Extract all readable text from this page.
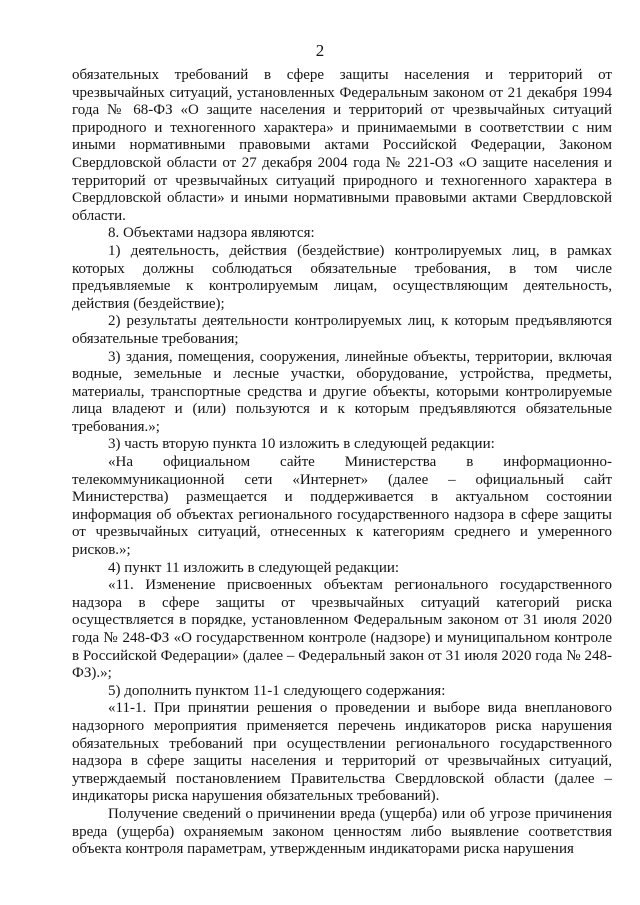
2

обязательных требований в сфере защиты населения и территорий от чрезвычайных ситуаций, установленных Федеральным законом от 21 декабря 1994 года № 68-ФЗ «О защите населения и территорий от чрезвычайных ситуаций природного и техногенного характера» и принимаемыми в соответствии с ним иными нормативными правовыми актами Российской Федерации, Законом Свердловской области от 27 декабря 2004 года № 221-ОЗ «О защите населения и территорий от чрезвычайных ситуаций природного и техногенного характера в Свердловской области» и иными нормативными правовыми актами Свердловской области.

8. Объектами надзора являются:

1) деятельность, действия (бездействие) контролируемых лиц, в рамках которых должны соблюдаться обязательные требования, в том числе предъявляемые к контролируемым лицам, осуществляющим деятельность, действия (бездействие);

2) результаты деятельности контролируемых лиц, к которым предъявляются обязательные требования;

3) здания, помещения, сооружения, линейные объекты, территории, включая водные, земельные и лесные участки, оборудование, устройства, предметы, материалы, транспортные средства и другие объекты, которыми контролируемые лица владеют и (или) пользуются и к которым предъявляются обязательные требования.»;

3) часть вторую пункта 10 изложить в следующей редакции:

«На официальном сайте Министерства в информационно-телекоммуникационной сети «Интернет» (далее – официальный сайт Министерства) размещается и поддерживается в актуальном состоянии информация об объектах регионального государственного надзора в сфере защиты от чрезвычайных ситуаций, отнесенных к категориям среднего и умеренного рисков.»;

4) пункт 11 изложить в следующей редакции:

«11. Изменение присвоенных объектам регионального государственного надзора в сфере защиты от чрезвычайных ситуаций категорий риска осуществляется в порядке, установленном Федеральным законом от 31 июля 2020 года № 248-ФЗ «О государственном контроле (надзоре) и муниципальном контроле в Российской Федерации» (далее – Федеральный закон от 31 июля 2020 года № 248-ФЗ).»;

5) дополнить пунктом 11-1 следующего содержания:

«11-1. При принятии решения о проведении и выборе вида внепланового надзорного мероприятия применяется перечень индикаторов риска нарушения обязательных требований при осуществлении регионального государственного надзора в сфере защиты населения и территорий от чрезвычайных ситуаций, утверждаемый постановлением Правительства Свердловской области (далее – индикаторы риска нарушения обязательных требований).

Получение сведений о причинении вреда (ущерба) или об угрозе причинения вреда (ущерба) охраняемым законом ценностям либо выявление соответствия объекта контроля параметрам, утвержденным индикаторами риска нарушения
